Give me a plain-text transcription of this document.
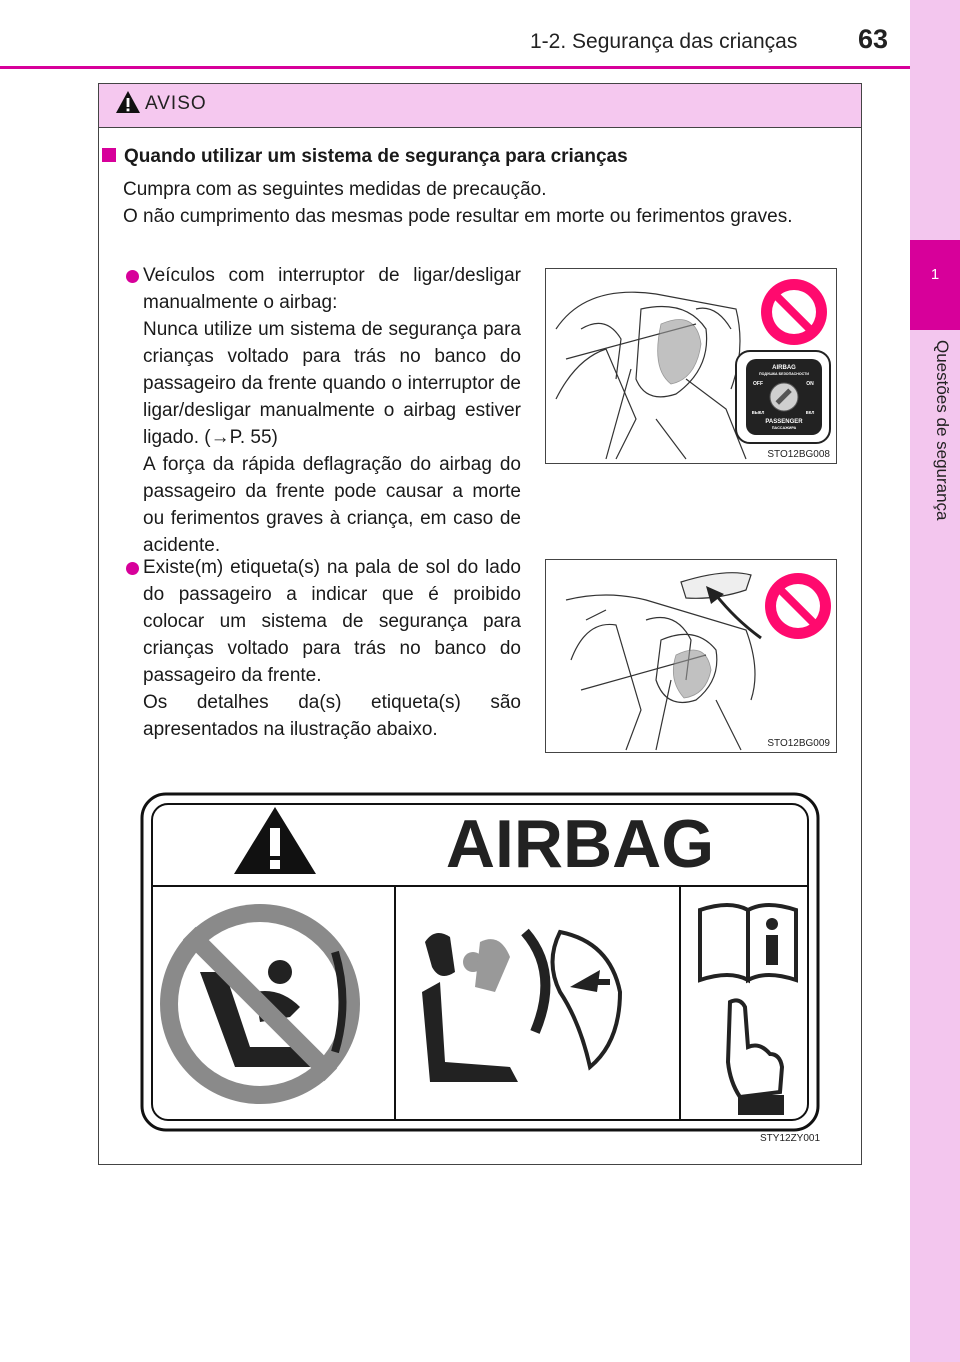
1
Questões de segurança
1-2. Segurança das crianças 63
AVISO
Quando utilizar um sistema de segurança para crianças
Cumpra com as seguintes medidas de precaução.
O não cumprimento das mesmas pode resultar em morte ou ferimentos graves.

Veículos com interruptor de ligar/desligar manualmente o airbag:

Nunca utilize um sistema de segurança para crianças voltado para trás no banco do passageiro da frente quando o interruptor de ligar/desligar manualmente o airbag estiver ligado. (→P. 55)

A força da rápida deflagração do airbag do passageiro da frente pode causar a morte ou ferimentos graves à criança, em caso de acidente.

AIRBAG
ПОДУШКА БЕЗОПАСНОСТИ
OFF	ON
ВЫКЛ	ВКЛ
PASSENGER
ПАССАЖИРА
STO12BG008

Existe(m) etiqueta(s) na pala de sol do lado do passageiro a indicar que é proibido colocar um sistema de segurança para crianças voltado para trás no banco do passageiro da frente.

Os detalhes da(s) etiqueta(s) são apresentados na ilustração abaixo.

STO12BG009
AIRBAG
STY12ZY001
